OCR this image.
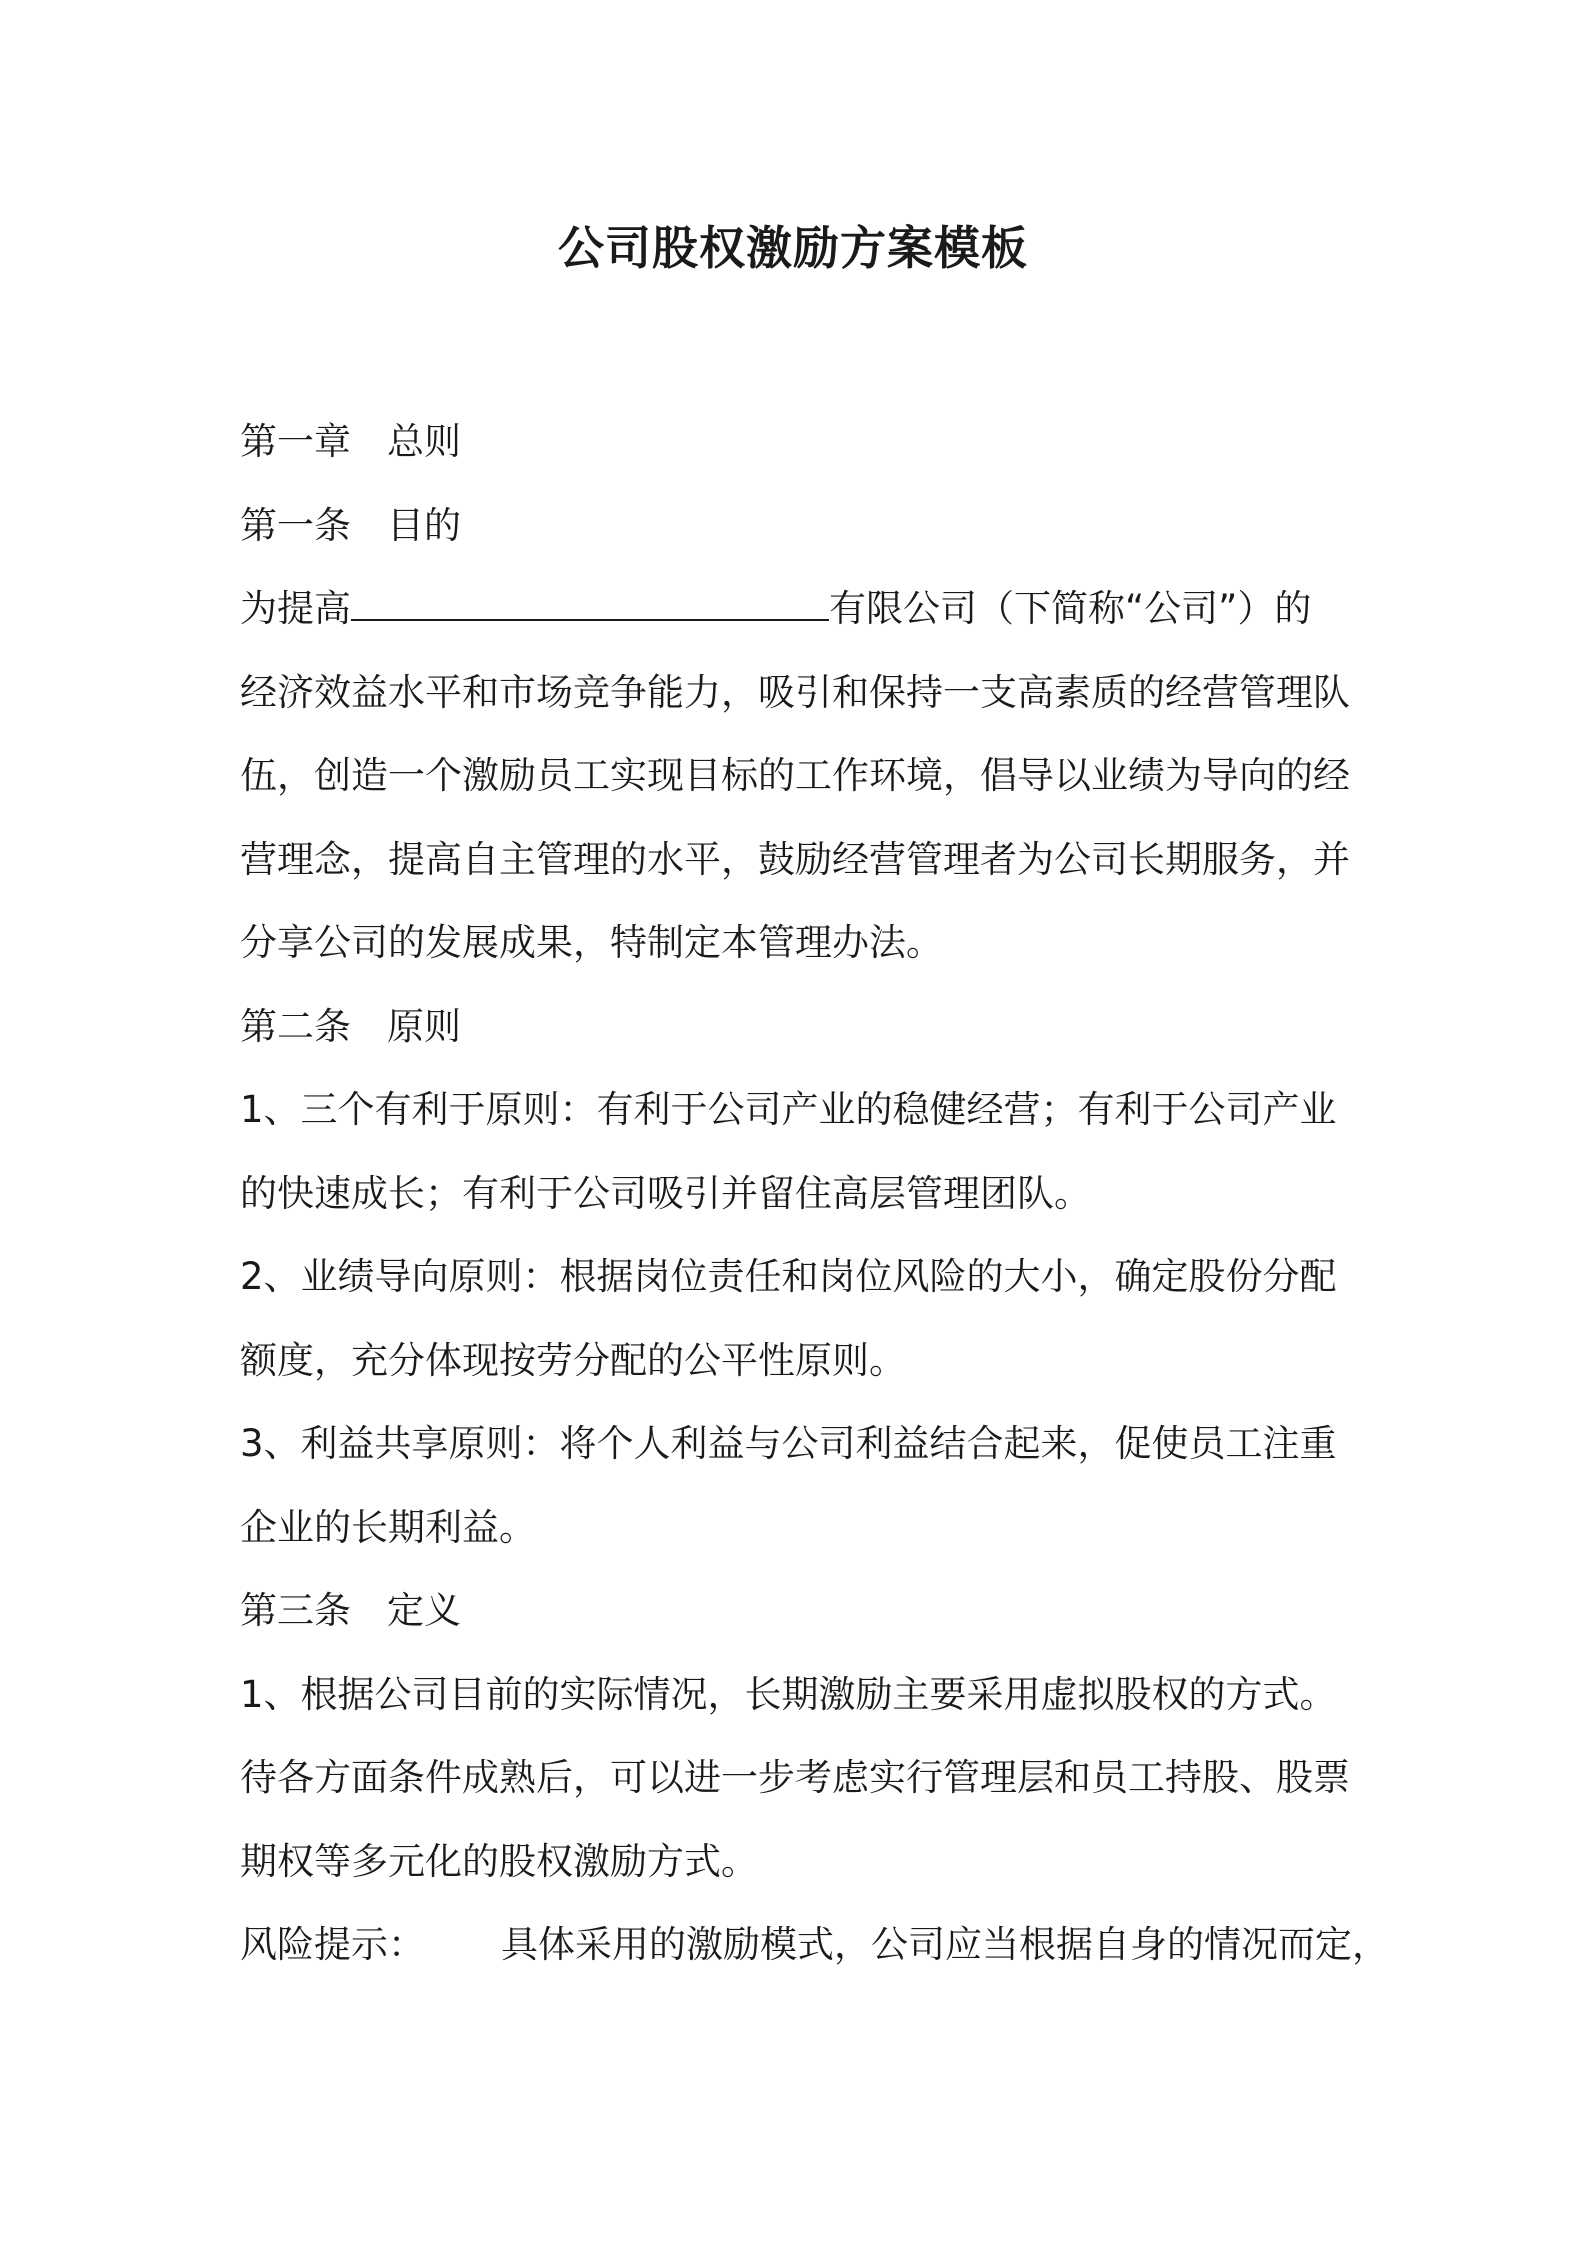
公司股权激励方案模板
第一章 总则
第一条 目的
为提高	有限公司（下简称“公司”）的
经济效益水平和市场竞争能力，吸引和保持一支高素质的经营管理队
伍，创造一个激励员工实现目标的工作环境，倡导以业绩为导向的经
营理念，提高自主管理的水平，鼓励经营管理者为公司长期服务，并
分享公司的发展成果，特制定本管理办法。
第二条 原则
1、三个有利于原则：有利于公司产业的稳健经营；有利于公司产业
的快速成长；有利于公司吸引并留住高层管理团队。
2、业绩导向原则：根据岗位责任和岗位风险的大小，确定股份分配
额度，充分体现按劳分配的公平性原则。
3、利益共享原则：将个人利益与公司利益结合起来，促使员工注重
企业的长期利益。
第三条 定义
1、根据公司目前的实际情况，长期激励主要采用虚拟股权的方式。
待各方面条件成熟后，可以进一步考虑实行管理层和员工持股、股票
期权等多元化的股权激励方式。
风险提示： 具体采用的激励模式，公司应当根据自身的情况而定，
